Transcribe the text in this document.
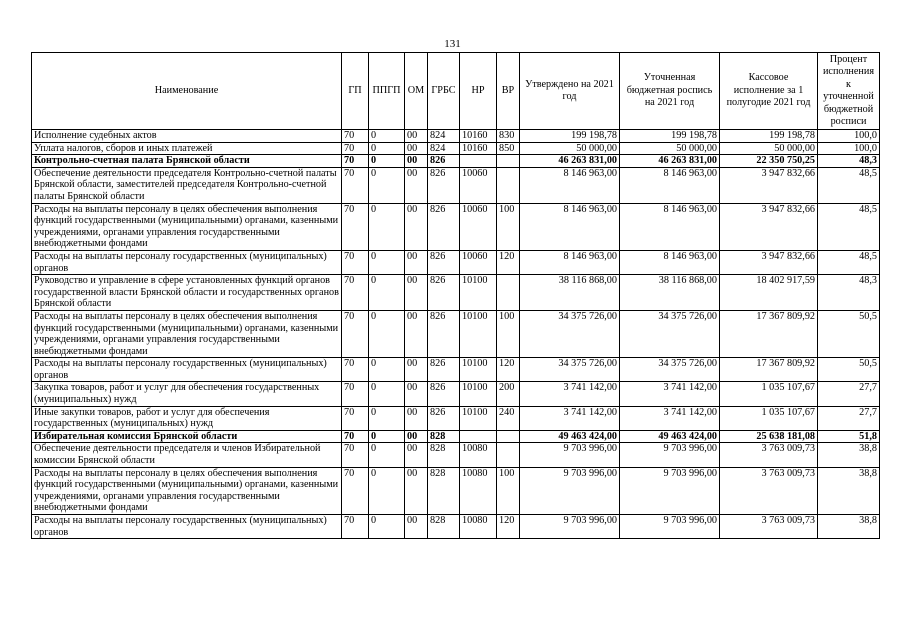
131
Наименование	ГП	ППГП	ОМ	ГРБС	НР	ВР	Утверждено на 2021 год	Уточненная бюджетная роспись на 2021 год	Кассовое исполнение за 1 полугодие 2021 год	Процент исполнения к уточненной бюджетной росписи
Исполнение судебных актов	70	0	00	824	10160	830	199 198,78	199 198,78	199 198,78	100,0
Уплата налогов, сборов и иных платежей	70	0	00	824	10160	850	50 000,00	50 000,00	50 000,00	100,0
Контрольно-счетная палата Брянской области	70	0	00	826			46 263 831,00	46 263 831,00	22 350 750,25	48,3
Обеспечение деятельности председателя Контрольно-счетной палаты Брянской области, заместителей председателя Контрольно-счетной палаты Брянской области	70	0	00	826	10060		8 146 963,00	8 146 963,00	3 947 832,66	48,5
Расходы на выплаты персоналу в целях обеспечения выполнения функций государственными (муниципальными) органами, казенными учреждениями, органами управления государственными внебюджетными фондами	70	0	00	826	10060	100	8 146 963,00	8 146 963,00	3 947 832,66	48,5
Расходы на выплаты персоналу государственных (муниципальных) органов	70	0	00	826	10060	120	8 146 963,00	8 146 963,00	3 947 832,66	48,5
Руководство и управление в сфере установленных функций органов государственной власти Брянской области и государственных органов Брянской области	70	0	00	826	10100		38 116 868,00	38 116 868,00	18 402 917,59	48,3
Расходы на выплаты персоналу в целях обеспечения выполнения функций государственными (муниципальными) органами, казенными учреждениями, органами управления государственными внебюджетными фондами	70	0	00	826	10100	100	34 375 726,00	34 375 726,00	17 367 809,92	50,5
Расходы на выплаты персоналу государственных (муниципальных) органов	70	0	00	826	10100	120	34 375 726,00	34 375 726,00	17 367 809,92	50,5
Закупка товаров, работ и услуг для обеспечения государственных (муниципальных) нужд	70	0	00	826	10100	200	3 741 142,00	3 741 142,00	1 035 107,67	27,7
Иные закупки товаров, работ и услуг для обеспечения государственных (муниципальных) нужд	70	0	00	826	10100	240	3 741 142,00	3 741 142,00	1 035 107,67	27,7
Избирательная комиссия Брянской области	70	0	00	828			49 463 424,00	49 463 424,00	25 638 181,08	51,8
Обеспечение деятельности председателя и членов Избирательной комиссии Брянской области	70	0	00	828	10080		9 703 996,00	9 703 996,00	3 763 009,73	38,8
Расходы на выплаты персоналу в целях обеспечения выполнения функций государственными (муниципальными) органами, казенными учреждениями, органами управления государственными внебюджетными фондами	70	0	00	828	10080	100	9 703 996,00	9 703 996,00	3 763 009,73	38,8
Расходы на выплаты персоналу государственных (муниципальных) органов	70	0	00	828	10080	120	9 703 996,00	9 703 996,00	3 763 009,73	38,8
